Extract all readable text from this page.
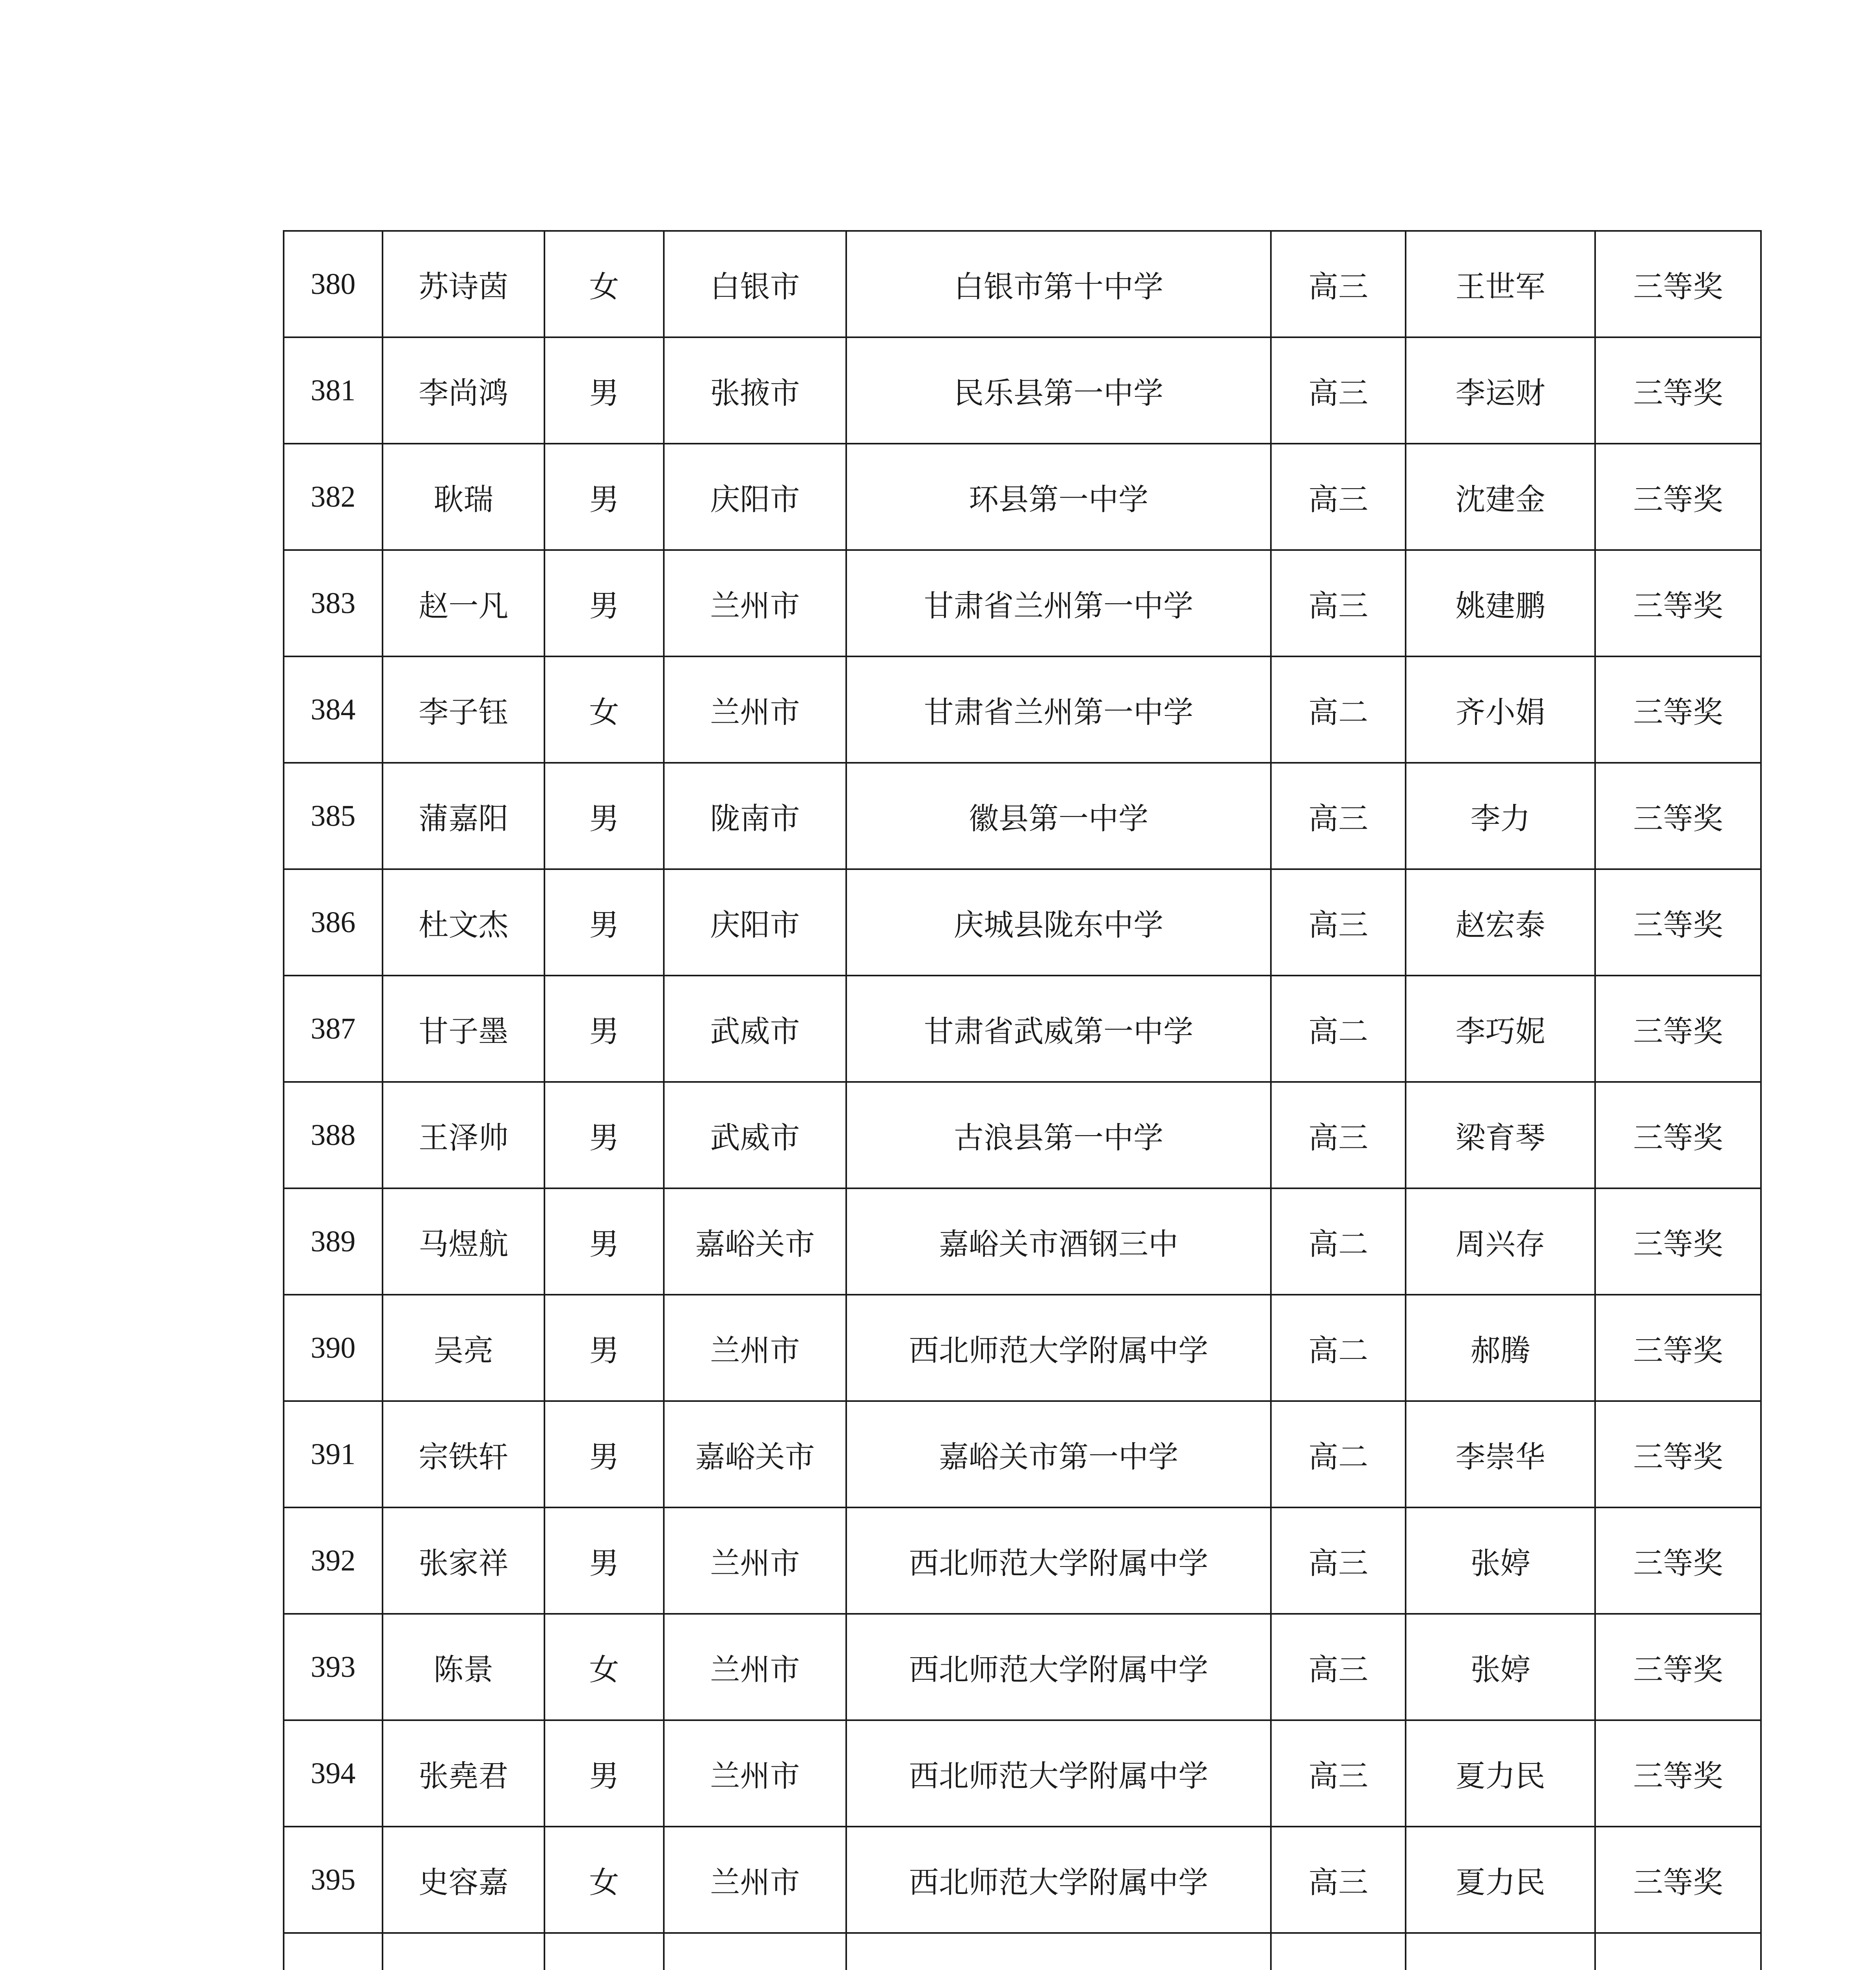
380	苏诗茵	女	白银市	白银市第十中学	高三	王世军	三等奖
381	李尚鸿	男	张掖市	民乐县第一中学	高三	李运财	三等奖
382	耿瑞	男	庆阳市	环县第一中学	高三	沈建金	三等奖
383	赵一凡	男	兰州市	甘肃省兰州第一中学	高三	姚建鹏	三等奖
384	李子钰	女	兰州市	甘肃省兰州第一中学	高二	齐小娟	三等奖
385	蒲嘉阳	男	陇南市	徽县第一中学	高三	李力	三等奖
386	杜文杰	男	庆阳市	庆城县陇东中学	高三	赵宏泰	三等奖
387	甘子墨	男	武威市	甘肃省武威第一中学	高二	李巧妮	三等奖
388	王泽帅	男	武威市	古浪县第一中学	高三	梁育琴	三等奖
389	马煜航	男	嘉峪关市	嘉峪关市酒钢三中	高二	周兴存	三等奖
390	吴亮	男	兰州市	西北师范大学附属中学	高二	郝腾	三等奖
391	宗铁轩	男	嘉峪关市	嘉峪关市第一中学	高二	李崇华	三等奖
392	张家祥	男	兰州市	西北师范大学附属中学	高三	张婷	三等奖
393	陈景	女	兰州市	西北师范大学附属中学	高三	张婷	三等奖
394	张堯君	男	兰州市	西北师范大学附属中学	高三	夏力民	三等奖
395	史容嘉	女	兰州市	西北师范大学附属中学	高三	夏力民	三等奖
